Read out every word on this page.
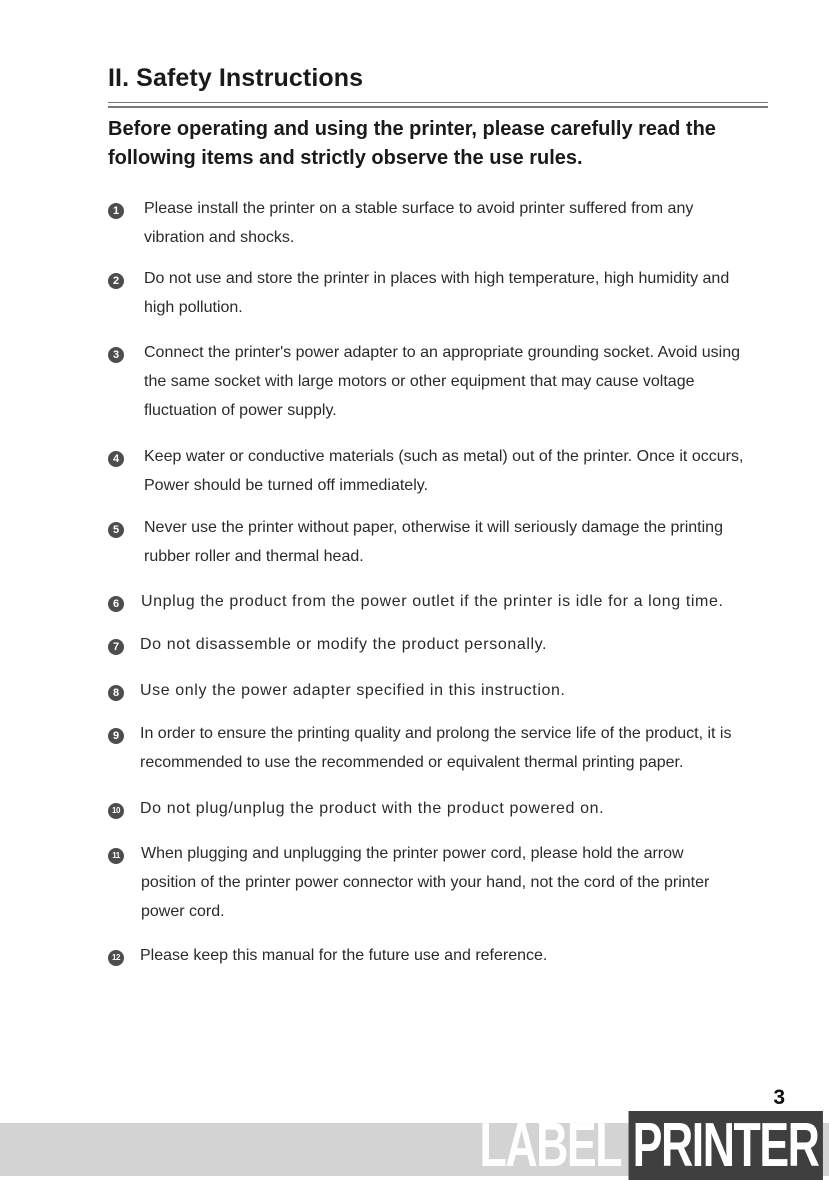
II. Safety Instructions

Before operating and using the printer, please carefully read the following items and strictly observe the use rules.

1	Please install the printer on a stable surface to avoid printer suffered from any vibration and shocks.
2	Do not use and store the printer in places with high temperature, high humidity and high pollution.
3	Connect the printer's power adapter to an appropriate grounding socket. Avoid using the same socket with large motors or other equipment that may cause voltage fluctuation of power supply.
4	Keep water or conductive materials (such as metal) out of the printer. Once it occurs, Power should be turned off immediately.
5	Never use the printer without paper, otherwise it will seriously damage the printing rubber roller and thermal head.
6	Unplug the product from the power outlet if the printer is idle for a long time.
7	Do not disassemble or modify the product personally.
8	Use only the power adapter specified in this instruction.
9	In order to ensure the printing quality and prolong the service life of the product, it is recommended to use the recommended or equivalent thermal printing paper.
10 Do not plug/unplug the product with the product powered on.
11 When plugging and unplugging the printer power cord, please hold the arrow position of the printer power connector with your hand, not the cord of the printer power cord.
12 Please keep this manual for the future use and reference.
3
LABEL PRINTER
